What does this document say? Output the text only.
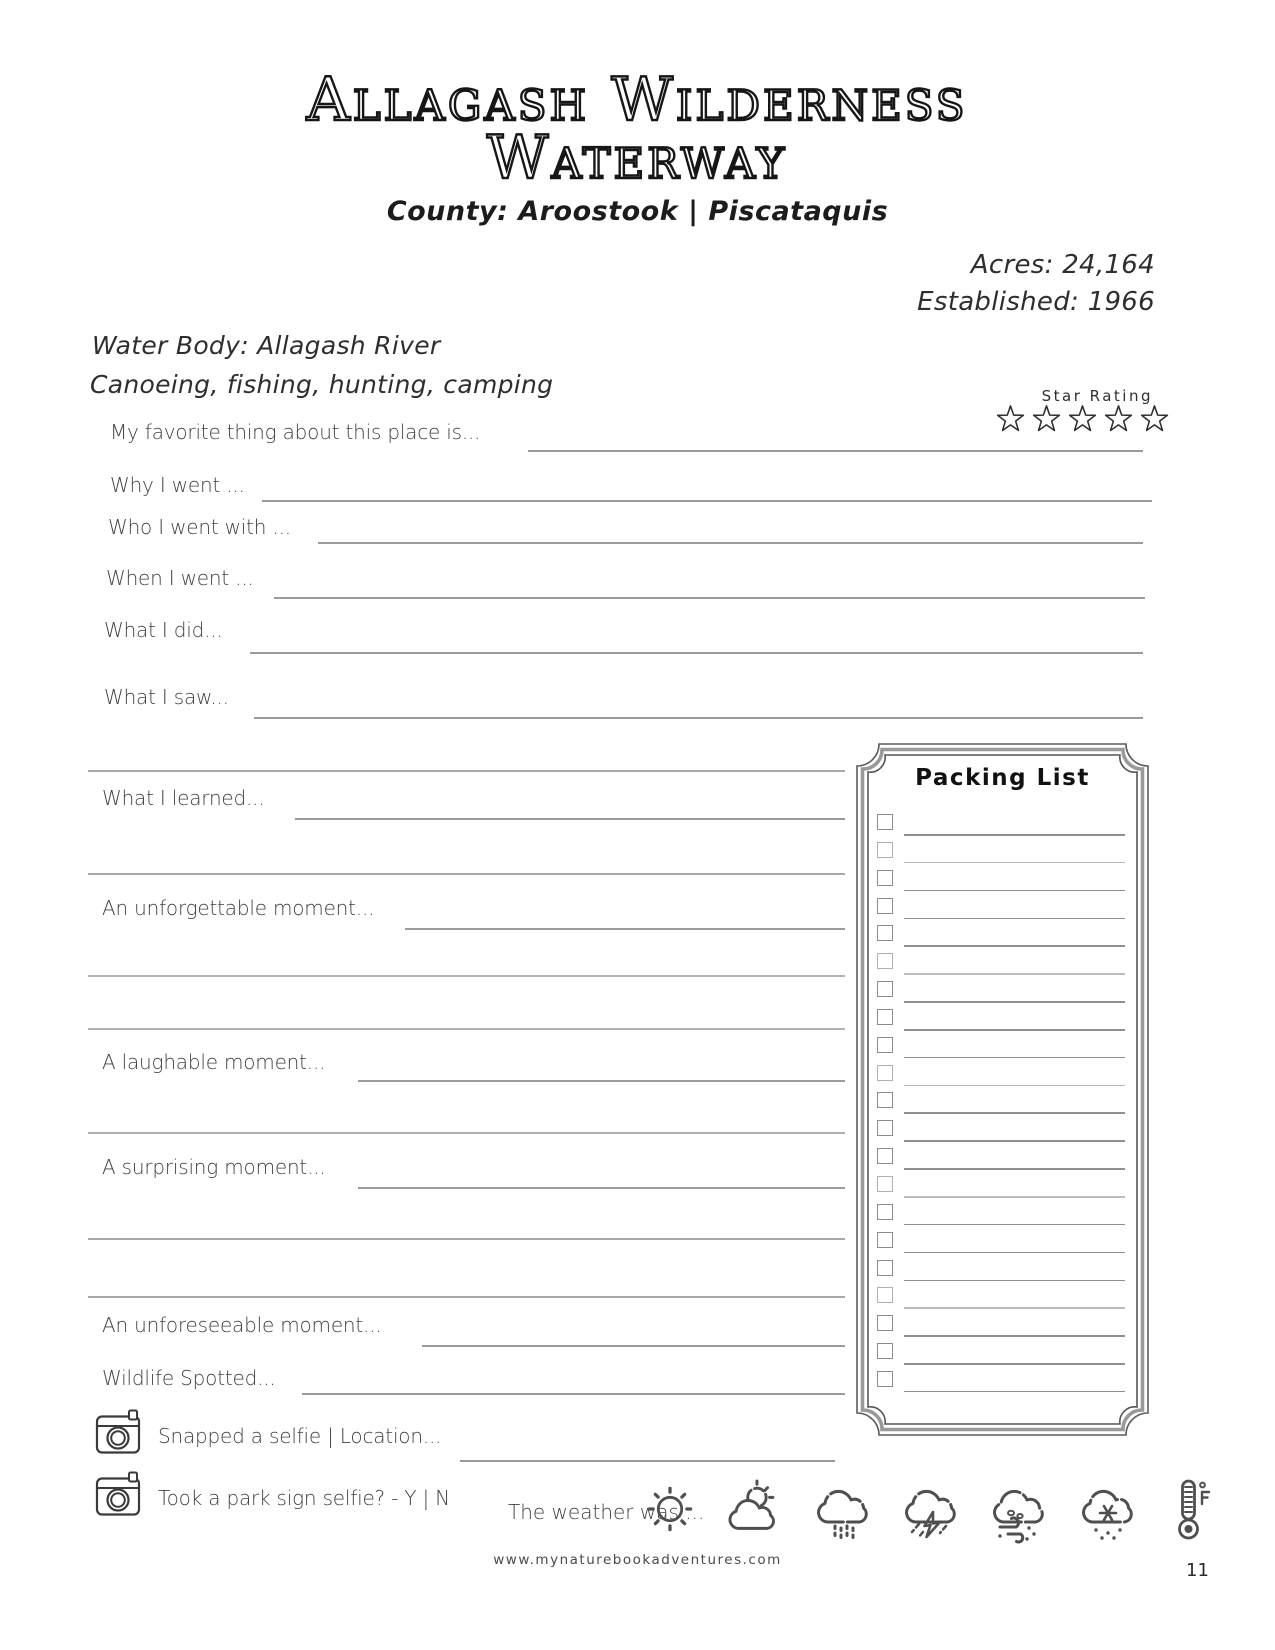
Allagash Wilderness
Waterway
County: Aroostook | Piscataquis
Acres: 24,164
Established: 1966
Water Body: Allagash River
Canoeing, fishing, hunting, camping	Star Rating
My favorite thing about this place is...
Why I went ...
Who I went with ...
When I went ...
What I did...
What I saw...
What I learned...
An unforgettable moment...
A laughable moment...
A surprising moment...
An unforeseeable moment...
Wildlife Spotted...
Snapped a selfie | Location...
Took a park sign selfie? - Y | N
The weather was ...
Packing List
www.mynaturebookadventures.com	11
